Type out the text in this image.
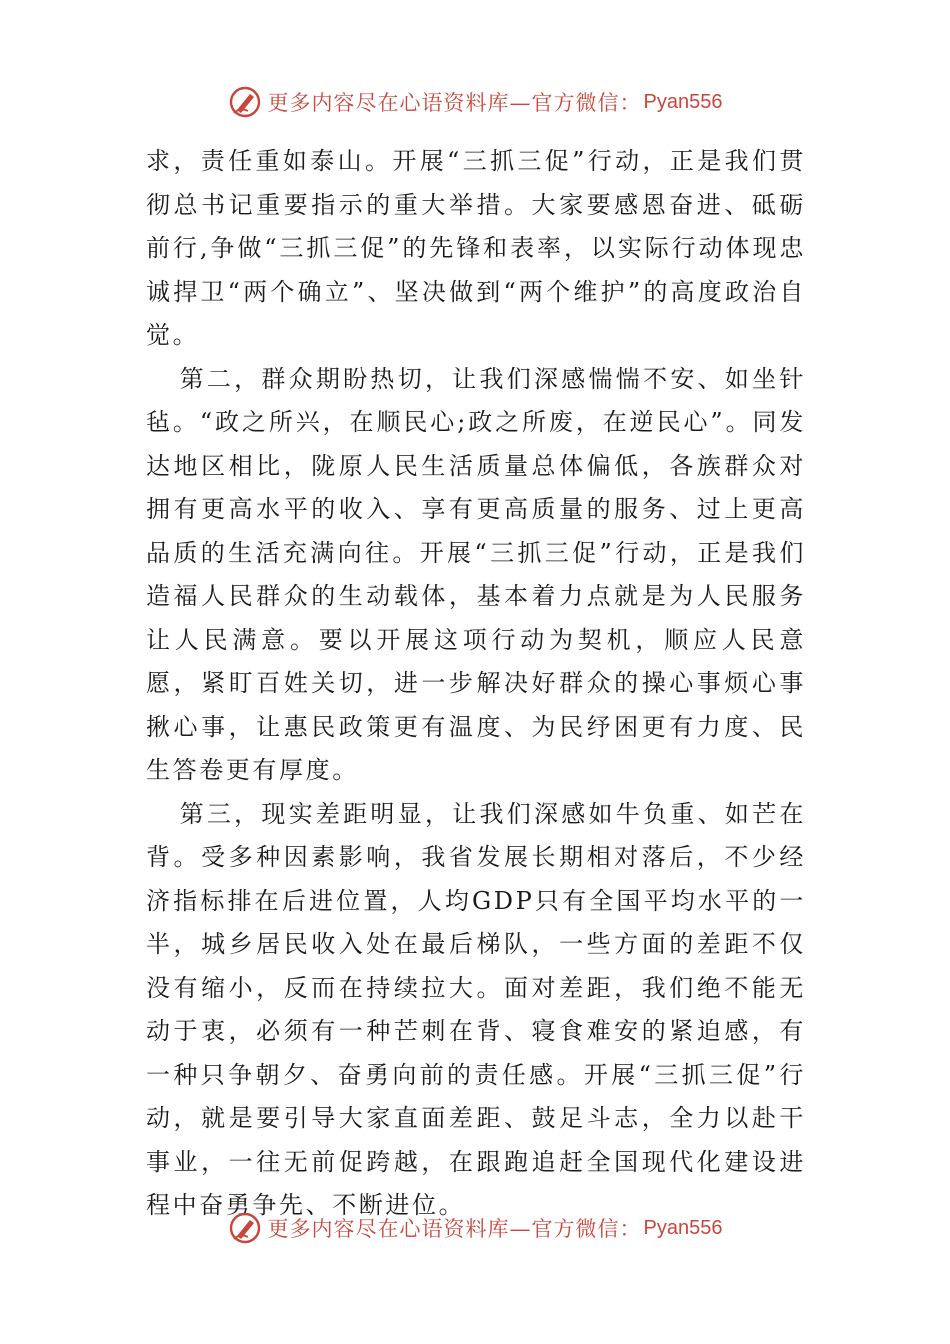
更多内容尽在心语资料库—官方微信： Pyan556

求，责任重如泰山。开展“三抓三促”行动，正是我们贯彻总书记重要指示的重大举措。大家要感恩奋进、砥砺前行,争做“三抓三促”的先锋和表率，以实际行动体现忠诚捍卫“两个确立”、坚决做到“两个维护”的高度政治自觉。

第二，群众期盼热切，让我们深感惴惴不安、如坐针毡。“政之所兴，在顺民心;政之所废，在逆民心”。同发达地区相比，陇原人民生活质量总体偏低，各族群众对拥有更高水平的收入、享有更高质量的服务、过上更高品质的生活充满向往。开展“三抓三促”行动，正是我们造福人民群众的生动载体，基本着力点就是为人民服务让人民满意。要以开展这项行动为契机，顺应人民意愿，紧盯百姓关切，进一步解决好群众的操心事烦心事揪心事，让惠民政策更有温度、为民纾困更有力度、民生答卷更有厚度。

第三，现实差距明显，让我们深感如牛负重、如芒在背。受多种因素影响，我省发展长期相对落后，不少经济指标排在后进位置，人均GDP只有全国平均水平的一半，城乡居民收入处在最后梯队，一些方面的差距不仅没有缩小，反而在持续拉大。面对差距，我们绝不能无动于衷，必须有一种芒刺在背、寝食难安的紧迫感，有一种只争朝夕、奋勇向前的责任感。开展“三抓三促”行动，就是要引导大家直面差距、鼓足斗志，全力以赴干事业，一往无前促跨越，在跟跑追赶全国现代化建设进程中奋勇争先、不断进位。

更多内容尽在心语资料库—官方微信： Pyan556
